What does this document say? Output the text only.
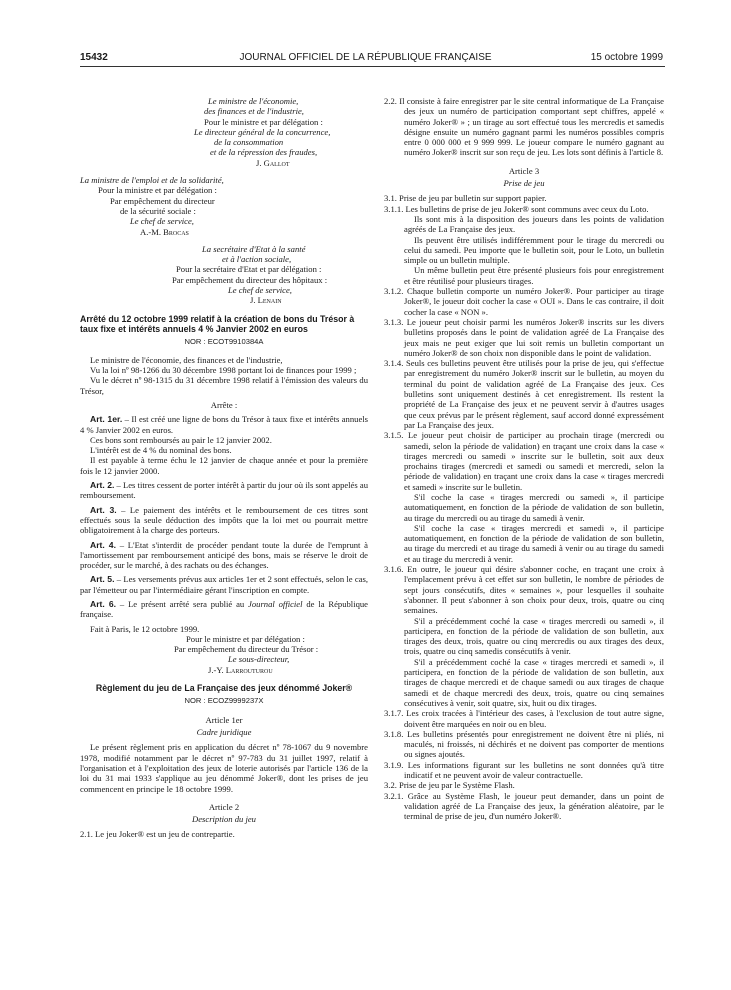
15432	JOURNAL OFFICIEL DE LA RÉPUBLIQUE FRANÇAISE	15 octobre 1999

Le ministre de l'économie,

des finances et de l'industrie,

Pour le ministre et par délégation :

Le directeur général de la concurrence,

de la consommation

et de la répression des fraudes,

J. Gallot

La ministre de l'emploi et de la solidarité,

Pour la ministre et par délégation :

Par empêchement du directeur

de la sécurité sociale :

Le chef de service,

A.-M. Brocas

La secrétaire d'Etat à la santé

et à l'action sociale,

Pour la secrétaire d'Etat et par délégation :

Par empêchement du directeur des hôpitaux :

Le chef de service,

J. Lenain

Arrêté du 12 octobre 1999 relatif à la création de bons du Trésor à taux fixe et intérêts annuels 4 % Janvier 2002 en euros

NOR : ECOT9910384A

Le ministre de l'économie, des finances et de l'industrie,

Vu la loi nº 98-1266 du 30 décembre 1998 portant loi de finances pour 1999 ;

Vu le décret nº 98-1315 du 31 décembre 1998 relatif à l'émission des valeurs du Trésor,

Arrête :

Art. 1er. – Il est créé une ligne de bons du Trésor à taux fixe et intérêts annuels 4 % Janvier 2002 en euros.

Ces bons sont remboursés au pair le 12 janvier 2002.

L'intérêt est de 4 % du nominal des bons.

Il est payable à terme échu le 12 janvier de chaque année et pour la première fois le 12 janvier 2000.

Art. 2. – Les titres cessent de porter intérêt à partir du jour où ils sont appelés au remboursement.

Art. 3. – Le paiement des intérêts et le remboursement de ces titres sont effectués sous la seule déduction des impôts que la loi met ou pourrait mettre obligatoirement à la charge des porteurs.

Art. 4. – L'Etat s'interdit de procéder pendant toute la durée de l'emprunt à l'amortissement par remboursement anticipé des bons, mais se réserve le droit de procéder, sur le marché, à des rachats ou des échanges.

Art. 5. – Les versements prévus aux articles 1er et 2 sont effectués, selon le cas, par l'émetteur ou par l'intermédiaire gérant l'inscription en compte.

Art. 6. – Le présent arrêté sera publié au Journal officiel de la République française.

Fait à Paris, le 12 octobre 1999.

Pour le ministre et par délégation :

Par empêchement du directeur du Trésor :

Le sous-directeur,

J.-Y. Larrouturou

Règlement du jeu de La Française des jeux dénommé Joker®

NOR : ECOZ9999237X

Article 1er

Cadre juridique

Le présent règlement pris en application du décret nº 78-1067 du 9 novembre 1978, modifié notamment par le décret nº 97-783 du 31 juillet 1997, relatif à l'organisation et à l'exploitation des jeux de loterie autorisés par l'article 136 de la loi du 31 mai 1933 s'applique au jeu dénommé Joker®, dont les prises de jeu commencent en principe le 18 octobre 1999.

Article 2

Description du jeu

2.1. Le jeu Joker® est un jeu de contrepartie.

2.2. Il consiste à faire enregistrer par le site central informatique de La Française des jeux un numéro de participation comportant sept chiffres, appelé « numéro Joker® » ; un tirage au sort effectué tous les mercredis et samedis désigne ensuite un numéro gagnant parmi les numéros possibles compris entre 0 000 000 et 9 999 999. Le joueur compare le numéro gagnant au numéro Joker® inscrit sur son reçu de jeu. Les lots sont définis à l'article 8.

Article 3

Prise de jeu

3.1. Prise de jeu par bulletin sur support papier.

3.1.1. Les bulletins de prise de jeu Joker® sont communs avec ceux du Loto.

Ils sont mis à la disposition des joueurs dans les points de validation agréés de La Française des jeux.

Ils peuvent être utilisés indifféremment pour le tirage du mercredi ou celui du samedi. Peu importe que le bulletin soit, pour le Loto, un bulletin simple ou un bulletin multiple.

Un même bulletin peut être présenté plusieurs fois pour enregistrement et être réutilisé pour plusieurs tirages.

3.1.2. Chaque bulletin comporte un numéro Joker®. Pour participer au tirage Joker®, le joueur doit cocher la case « OUI ». Dans le cas contraire, il doit cocher la case « NON ».

3.1.3. Le joueur peut choisir parmi les numéros Joker® inscrits sur les divers bulletins proposés dans le point de validation agréé de La Française des jeux mais ne peut exiger que lui soit remis un bulletin comportant un numéro Joker® de son choix non disponible dans le point de validation.

3.1.4. Seuls ces bulletins peuvent être utilisés pour la prise de jeu, qui s'effectue par enregistrement du numéro Joker® inscrit sur le bulletin, au moyen du terminal du point de validation agréé de La Française des jeux. Ces bulletins sont uniquement destinés à cet enregistrement. Ils restent la propriété de La Française des jeux et ne peuvent servir à d'autres usages que ceux prévus par le présent règlement, sauf accord donné expressément par La Française des jeux.

3.1.5. Le joueur peut choisir de participer au prochain tirage (mercredi ou samedi, selon la période de validation) en traçant une croix dans la case « tirages mercredi ou samedi » inscrite sur le bulletin, soit aux deux prochains tirages (mercredi et samedi ou samedi et mercredi, selon la période de validation) en traçant une croix dans la case « tirages mercredi et samedi » inscrite sur le bulletin.

S'il coche la case « tirages mercredi ou samedi », il participe automatiquement, en fonction de la période de validation de son bulletin, au tirage du mercredi ou au tirage du samedi à venir.

S'il coche la case « tirages mercredi et samedi », il participe automatiquement, en fonction de la période de validation de son bulletin, au tirage du mercredi et au tirage du samedi à venir ou au tirage du samedi et au tirage du mercredi à venir.

3.1.6. En outre, le joueur qui désire s'abonner coche, en traçant une croix à l'emplacement prévu à cet effet sur son bulletin, le nombre de périodes de sept jours consécutifs, dites « semaines », pour lesquelles il souhaite s'abonner. Il peut s'abonner à son choix pour deux, trois, quatre ou cinq semaines.

S'il a précédemment coché la case « tirages mercredi ou samedi », il participera, en fonction de la période de validation de son bulletin, aux tirages des deux, trois, quatre ou cinq mercredis ou aux tirages des deux, trois, quatre ou cinq samedis consécutifs à venir.

S'il a précédemment coché la case « tirages mercredi et samedi », il participera, en fonction de la période de validation de son bulletin, aux tirages de chaque mercredi et de chaque samedi ou aux tirages de chaque samedi et de chaque mercredi des deux, trois, quatre ou cinq semaines consécutives à venir, soit quatre, six, huit ou dix tirages.

3.1.7. Les croix tracées à l'intérieur des cases, à l'exclusion de tout autre signe, doivent être marquées en noir ou en bleu.

3.1.8. Les bulletins présentés pour enregistrement ne doivent être ni pliés, ni maculés, ni froissés, ni déchirés et ne doivent pas comporter de mentions ou signes ajoutés.

3.1.9. Les informations figurant sur les bulletins ne sont données qu'à titre indicatif et ne peuvent avoir de valeur contractuelle.

3.2. Prise de jeu par le Système Flash.

3.2.1. Grâce au Système Flash, le joueur peut demander, dans un point de validation agréé de La Française des jeux, la génération aléatoire, par le terminal de prise de jeu, d'un numéro Joker®.
